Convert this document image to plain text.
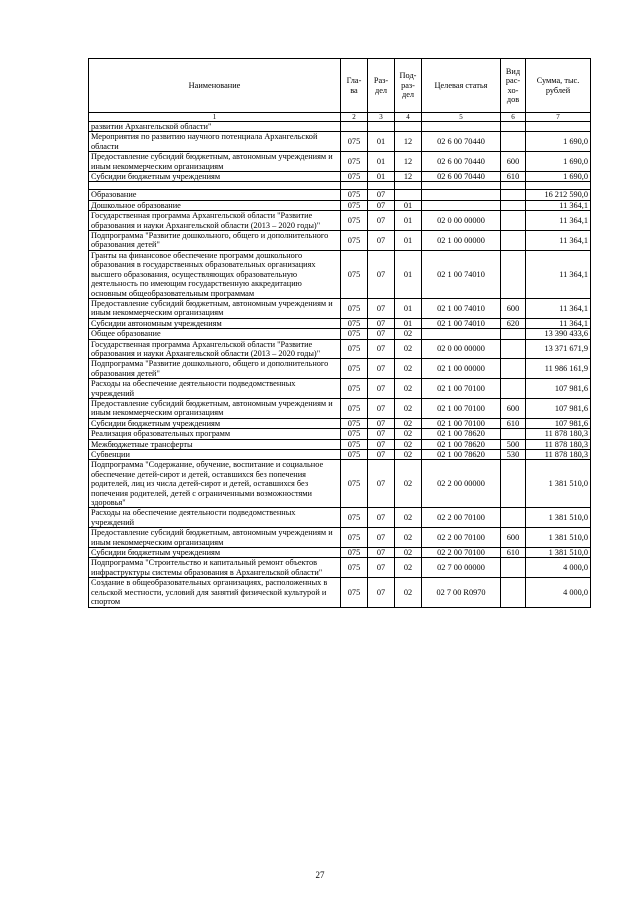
Наименование	Гла-ва	Раз-дел	Под-раз-дел	Целевая статья	Вид рас-хо-дов	Сумма, тыс. рублей
1	2	3	4	5	6	7
развитии Архангельской области"						
Мероприятия по развитию научного потенциала Архангельской области	075	01	12	02 6 00 70440		1 690,0
Предоставление субсидий бюджетным, автономным учреждениям и иным некоммерческим организациям	075	01	12	02 6 00 70440	600	1 690,0
Субсидии бюджетным учреждениям	075	01	12	02 6 00 70440	610	1 690,0

Образование	075	07				16 212 590,0
Дошкольное образование	075	07	01			11 364,1
Государственная программа Архангельской области "Развитие образования и науки Архангельской области (2013 – 2020 годы)"	075	07	01	02 0 00 00000		11 364,1
Подпрограмма "Развитие дошкольного, общего и дополнительного образования детей"	075	07	01	02 1 00 00000		11 364,1
Гранты на финансовое обеспечение программ дошкольного образования в государственных образовательных организациях высшего образования, осуществляющих образовательную деятельность по имеющим государственную аккредитацию основным общеобразовательным программам	075	07	01	02 1 00 74010		11 364,1
Предоставление субсидий бюджетным, автономным учреждениям и иным некоммерческим организациям	075	07	01	02 1 00 74010	600	11 364,1
Субсидии автономным учреждениям	075	07	01	02 1 00 74010	620	11 364,1
Общее образование	075	07	02			13 390 433,6
Государственная программа Архангельской области "Развитие образования и науки Архангельской области (2013 – 2020 годы)"	075	07	02	02 0 00 00000		13 371 671,9
Подпрограмма "Развитие дошкольного, общего и дополнительного образования детей"	075	07	02	02 1 00 00000		11 986 161,9
Расходы на обеспечение деятельности подведомственных учреждений	075	07	02	02 1 00 70100		107 981,6
Предоставление субсидий бюджетным, автономным учреждениям и иным некоммерческим организациям	075	07	02	02 1 00 70100	600	107 981,6
Субсидии бюджетным учреждениям	075	07	02	02 1 00 70100	610	107 981,6
Реализация образовательных программ	075	07	02	02 1 00 78620		11 878 180,3
Межбюджетные трансферты	075	07	02	02 1 00 78620	500	11 878 180,3
Субвенции	075	07	02	02 1 00 78620	530	11 878 180,3
Подпрограмма "Содержание, обучение, воспитание и социальное обеспечение детей-сирот и детей, оставшихся без попечения родителей, лиц из числа детей-сирот и детей, оставшихся без попечения родителей, детей с ограниченными возможностями здоровья"	075	07	02	02 2 00 00000		1 381 510,0
Расходы на обеспечение деятельности подведомственных учреждений	075	07	02	02 2 00 70100		1 381 510,0
Предоставление субсидий бюджетным, автономным учреждениям и иным некоммерческим организациям	075	07	02	02 2 00 70100	600	1 381 510,0
Субсидии бюджетным учреждениям	075	07	02	02 2 00 70100	610	1 381 510,0
Подпрограмма "Строительство и капитальный ремонт объектов инфраструктуры системы образования в Архангельской области"	075	07	02	02 7 00 00000		4 000,0
Создание в общеобразовательных организациях, расположенных в сельской местности, условий для занятий физической культурой и спортом	075	07	02	02 7 00 R0970		4 000,0
27
